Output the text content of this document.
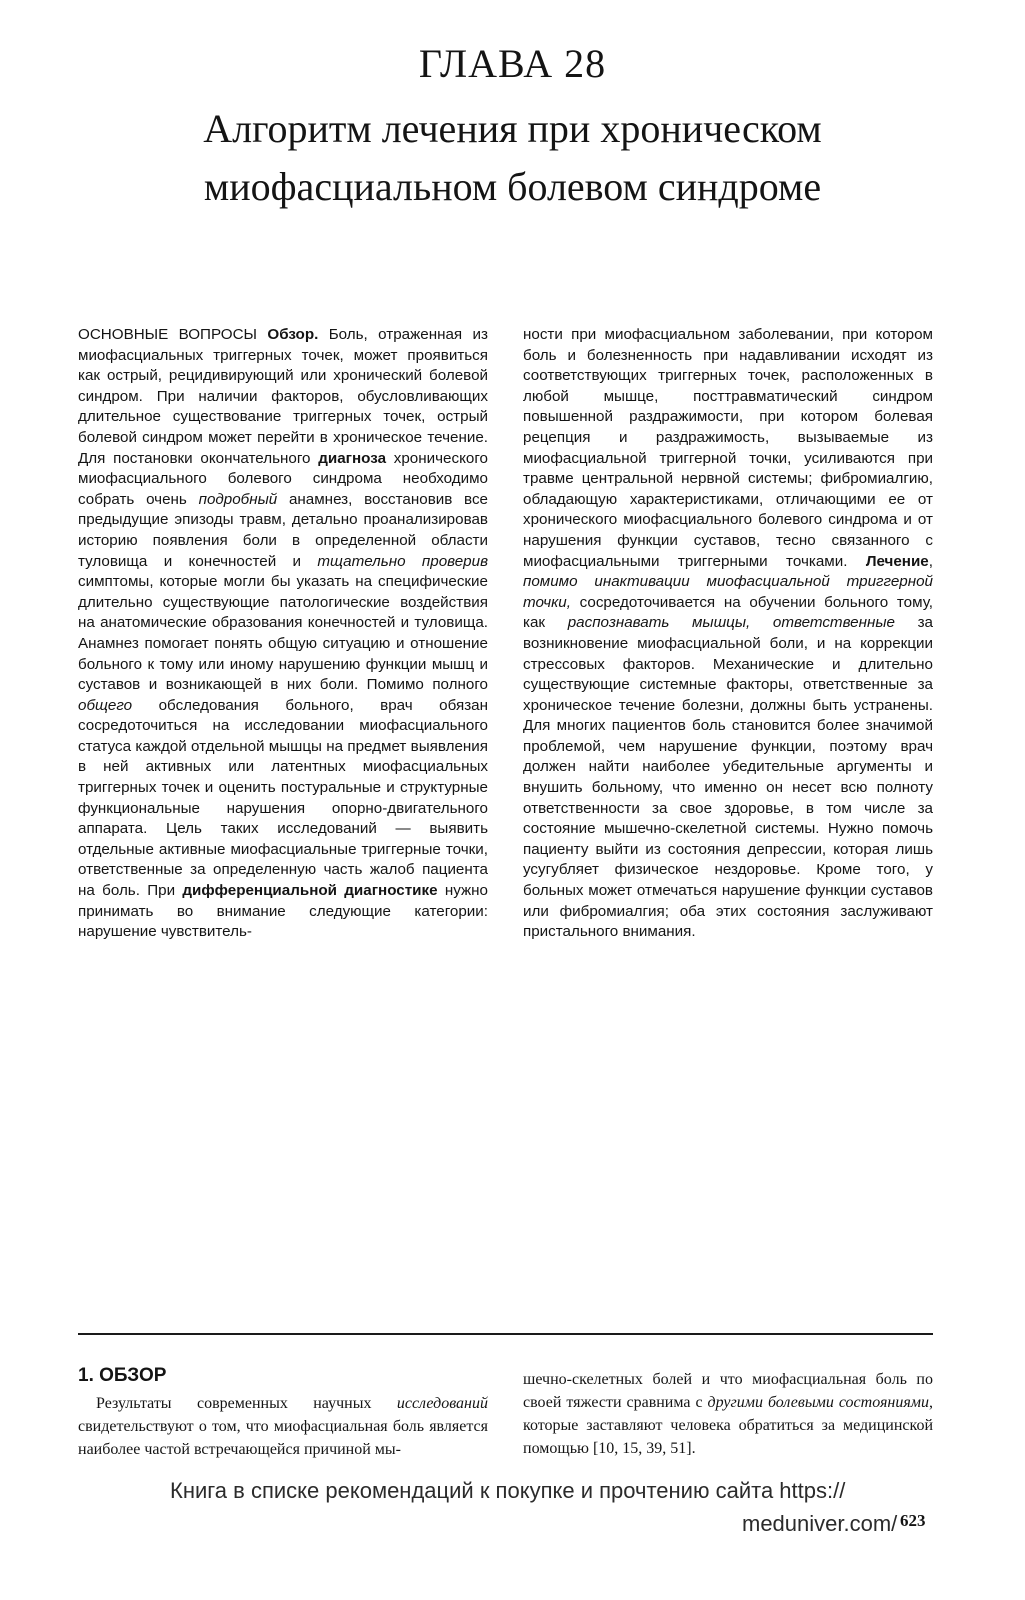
ГЛАВА 28
Алгоритм лечения при хроническом
миофасциальном болевом синдроме
ОСНОВНЫЕ ВОПРОСЫ Обзор. Боль, отраженная из миофасциальных триггерных точек, может проявиться как острый, рецидивирующий или хронический болевой синдром. При наличии факторов, обусловливающих длительное существование триггерных точек, острый болевой синдром может перейти в хроническое течение. Для постановки окончательного диагноза хронического миофасциального болевого синдрома необходимо собрать очень подробный анамнез, восстановив все предыдущие эпизоды травм, детально проанализировав историю появления боли в определенной области туловища и конечностей и тщательно проверив симптомы, которые могли бы указать на специфические длительно существующие патологические воздействия на анатомические образования конечностей и туловища. Анамнез помогает понять общую ситуацию и отношение больного к тому или иному нарушению функции мышц и суставов и возникающей в них боли. Помимо полного общего обследования больного, врач обязан сосредоточиться на исследовании миофасциального статуса каждой отдельной мышцы на предмет выявления в ней активных или латентных миофасциальных триггерных точек и оценить постуральные и структурные функциональные нарушения опорно-двигательного аппарата. Цель таких исследований — выявить отдельные активные миофасциальные триггерные точки, ответственные за определенную часть жалоб пациента на боль. При дифференциальной диагностике нужно принимать во внимание следующие категории: нарушение чувствитель-
ности при миофасциальном заболевании, при котором боль и болезненность при надавливании исходят из соответствующих триггерных точек, расположенных в любой мышце, посттравматический синдром повышенной раздражимости, при котором болевая рецепция и раздражимость, вызываемые из миофасциальной триггерной точки, усиливаются при травме центральной нервной системы; фибромиалгию, обладающую характеристиками, отличающими ее от хронического миофасциального болевого синдрома и от нарушения функции суставов, тесно связанного с миофасциальными триггерными точками. Лечение, помимо инактивации миофасциальной триггерной точки, сосредоточивается на обучении больного тому, как распознавать мышцы, ответственные за возникновение миофасциальной боли, и на коррекции стрессовых факторов. Механические и длительно существующие системные факторы, ответственные за хроническое течение болезни, должны быть устранены. Для многих пациентов боль становится более значимой проблемой, чем нарушение функции, поэтому врач должен найти наиболее убедительные аргументы и внушить больному, что именно он несет всю полноту ответственности за свое здоровье, в том числе за состояние мышечно-скелетной системы. Нужно помочь пациенту выйти из состояния депрессии, которая лишь усугубляет физическое нездоровье. Кроме того, у больных может отмечаться нарушение функции суставов или фибромиалгия; оба этих состояния заслуживают пристального внимания.
1. ОБЗОР
Результаты современных научных исследований свидетельствуют о том, что миофасциальная боль является наиболее частой встречающейся причиной мы-
шечно-скелетных болей и что миофасциальная боль по своей тяжести сравнима с другими болевыми состояниями, которые заставляют человека обратиться за медицинской помощью [10, 15, 39, 51].
Книга в списке рекомендаций к покупке и прочтению сайта https://
meduniver.com/ 623
